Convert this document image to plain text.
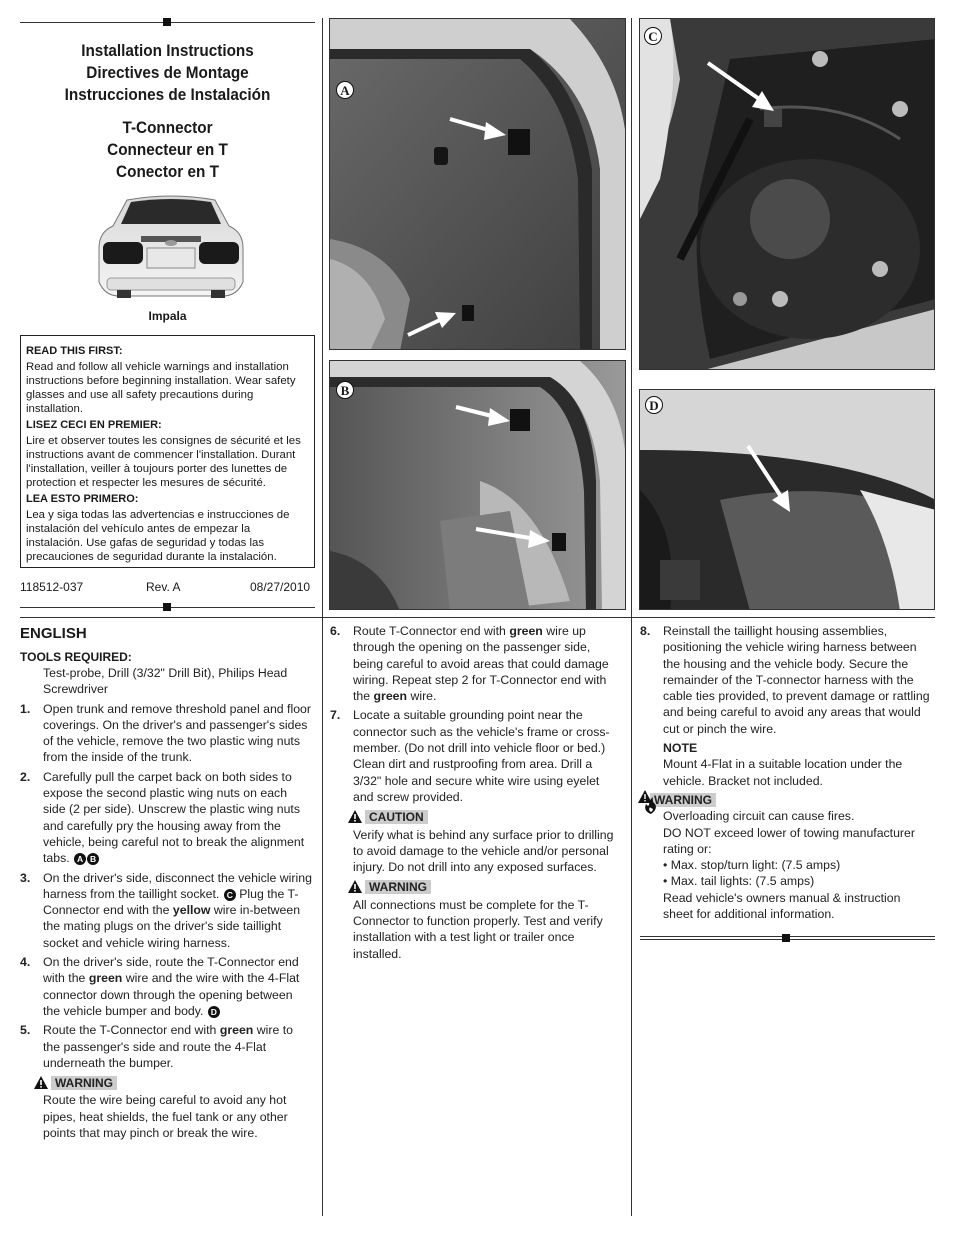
Installation Instructions
Directives de Montage
Instrucciones de Instalación
T-Connector
Connecteur en T
Conector en T
Impala

READ THIS FIRST:

Read and follow all vehicle warnings and installation instructions before beginning installation. Wear safety glasses and use all safety precautions during installation.

LISEZ CECI EN PREMIER:

Lire et observer toutes les consignes de sécurité et les instructions avant de commencer l'installation. Durant l'installation, veiller à toujours porter des lunettes de protection et respecter les mesures de sécurité.

LEA ESTO PRIMERO:

Lea y siga todas las advertencias e instrucciones de instalación del vehículo antes de empezar la instalación. Use gafas de seguridad y todas las precauciones de seguridad durante la instalación.

118512-037	Rev. A	08/27/2010
A
B
C
D
ENGLISH
TOOLS REQUIRED:
Test-probe, Drill (3/32" Drill Bit), Philips Head Screwdriver
1. Open trunk and remove threshold panel and floor coverings. On the driver's and passenger's sides of the vehicle, remove the two plastic wing nuts from the inside of the trunk.
2. Carefully pull the carpet back on both sides to expose the second plastic wing nuts on each side (2 per side). Unscrew the plastic wing nuts and carefully pry the housing away from the vehicle, being careful not to break the alignment tabs. A B
3. On the driver's side, disconnect the vehicle wiring harness from the taillight socket. C Plug the T-Connector end with the yellow wire in-between the mating plugs on the driver's side taillight socket and vehicle wiring harness.
4. On the driver's side, route the T-Connector end with the green wire and the wire with the 4-Flat connector down through the opening between the vehicle bumper and body. D
5. Route the T-Connector end with green wire to the passenger's side and route the 4-Flat underneath the bumper.
WARNING
Route the wire being careful to avoid any hot pipes, heat shields, the fuel tank or any other points that may pinch or break the wire.
6. Route T-Connector end with green wire up through the opening on the passenger side, being careful to avoid areas that could damage wiring. Repeat step 2 for T-Connector end with the green wire.
7. Locate a suitable grounding point near the connector such as the vehicle's frame or cross-member. (Do not drill into vehicle floor or bed.) Clean dirt and rustproofing from area. Drill a 3/32" hole and secure white wire using eyelet and screw provided.
CAUTION
Verify what is behind any surface prior to drilling to avoid damage to the vehicle and/or personal injury. Do not drill into any exposed surfaces.
WARNING
All connections must be complete for the T-Connector to function properly. Test and verify installation with a test light or trailer once installed.
8. Reinstall the taillight housing assemblies, positioning the vehicle wiring harness between the housing and the vehicle body. Secure the remainder of the T-connector harness with the cable ties provided, to prevent damage or rattling and being careful to avoid any areas that would cut or pinch the wire.
NOTE
Mount 4-Flat in a suitable location under the vehicle. Bracket not included.
WARNING
Overloading circuit can cause fires.
DO NOT exceed lower of towing manufacturer rating or:
• Max. stop/turn light: (7.5 amps)
• Max. tail lights: (7.5 amps)
Read vehicle's owners manual & instruction sheet for additional information.
